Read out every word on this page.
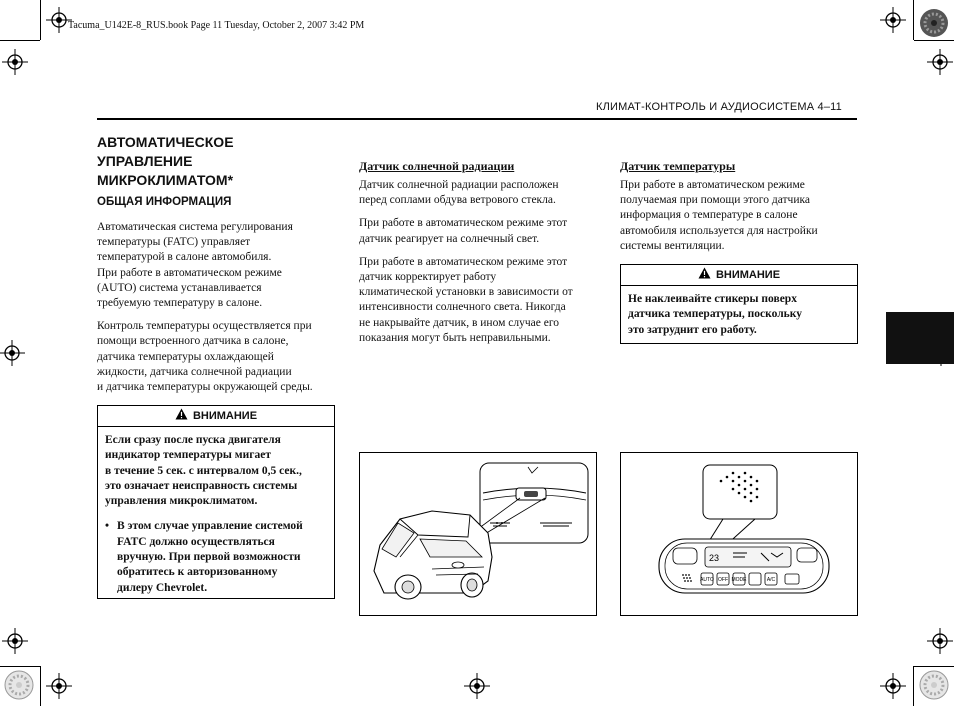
Tacuma_U142E-8_RUS.book Page 11 Tuesday, October 2, 2007 3:42 PM
КЛИМАТ-КОНТРОЛЬ И АУДИОСИСТЕМА 4–11
АВТОМАТИЧЕСКОЕ
УПРАВЛЕНИЕ
МИКРОКЛИМАТОМ*
ОБЩАЯ ИНФОРМАЦИЯ
Автоматическая система регулирования
температуры (FATC) управляет
температурой в салоне автомобиля.
При работе в автоматическом режиме
(AUTO) система устанавливается
требуемую температуру в салоне.
Контроль температуры осуществляется при
помощи встроенного датчика в салоне,
датчика температуры охлаждающей
жидкости, датчика солнечной радиации
и датчика температуры окружающей среды.
ВНИМАНИЕ
Если сразу после пуска двигателя
индикатор температуры мигает
в течение 5 сек. с интервалом 0,5 сек.,
это означает неисправность системы
управления микроклиматом.
• В этом случае управление системой
FATC должно осуществляться
вручную. При первой возможности
обратитесь к авторизованному
дилеру Chevrolet.
Датчик солнечной радиации
Датчик солнечной радиации расположен
перед соплами обдува ветрового стекла.
При работе в автоматическом режиме этот
датчик реагирует на солнечный свет.
При работе в автоматическом режиме этот
датчик корректирует работу
климатической установки в зависимости от
интенсивности солнечного света. Никогда
не накрывайте датчик, в ином случае его
показания могут быть неправильными.
Датчик температуры
При работе в автоматическом режиме
получаемая при помощи этого датчика
информация о температуре в салоне
автомобиля используется для настройки
системы вентиляции.
ВНИМАНИЕ
Не наклеивайте стикеры поверх
датчика температуры, поскольку
это затруднит его работу.
23
AUTO OFF MODE	A/C
